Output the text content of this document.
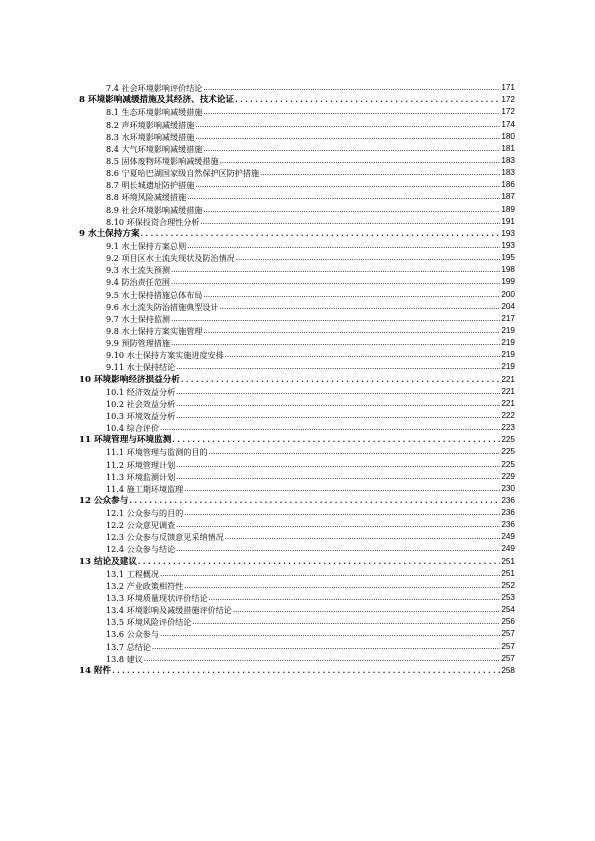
7.4 社会环境影响评价结论 .....	171
8 环境影响减缓措施及其经济、技术论证 .....	172
8.1 生态环境影响减缓措施 .....	172
8.2 声环境影响减缓措施 .....	174
8.3 水环境影响减缓措施 .....	180
8.4 大气环境影响减缓措施 .....	181
8.5 固体废物环境影响减缓措施 .....	183
8.6 宁夏哈巴湖国家级自然保护区防护措施 .....	183
8.7 明长城遗址防护措施 .....	186
8.8 环境风险减缓措施 .....	187
8.9 社会环境影响减缓措施 .....	189
8.10 环保投资合理性分析 .....	191
9 水土保持方案 .....	193
9.1 水土保持方案总则 .....	193
9.2 项目区水土流失现状及防治情况 .....	195
9.3 水土流失预测 .....	198
9.4 防治责任范围 .....	199
9.5 水土保持措施总体布局 .....	200
9.6 水土流失防治措施典型设计 .....	204
9.7 水土保持监测 .....	217
9.8 水土保持方案实施管理 .....	219
9.9 预防管理措施 .....	219
9.10 水土保持方案实施进度安排 .....	219
9.11 水土保持结论 .....	219
10 环境影响经济损益分析 .....	221
10.1 经济效益分析 .....	221
10.2 社会效益分析 .....	221
10.3 环境效益分析 .....	222
10.4 综合评价 .....	223
11 环境管理与环境监测 .....	225
11.1 环境管理与监测的目的 .....	225
11.2 环境管理计划 .....	225
11.3 环境监测计划 .....	229
11.4 施工期环境监理 .....	230
12 公众参与 .....	236
12.1 公众参与的目的 .....	236
12.2 公众意见调查 .....	236
12.3 公众参与反馈意见采纳情况 .....	249
12.4 公众参与结论 .....	249
13 结论及建议 .....	251
13.1 工程概况 .....	251
13.2 产业政策相符性 .....	252
13.3 环境质量现状评价结论 .....	253
13.4 环境影响及减缓措施评价结论 .....	254
13.5 环境风险评价结论 .....	256
13.6 公众参与 .....	257
13.7 总结论 .....	257
13.8 建议 .....	257
14 附件 .....	258
